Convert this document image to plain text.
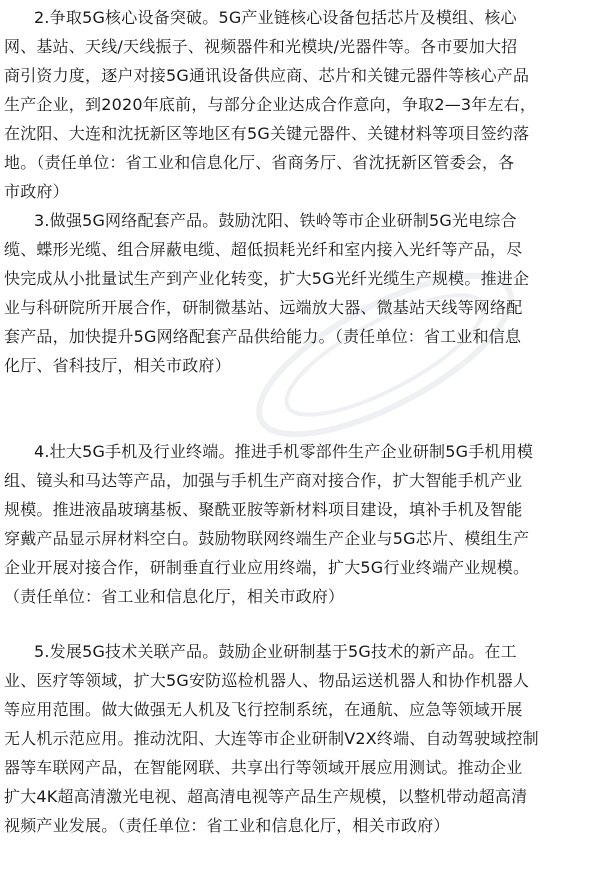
2.争取5G核心设备突破。5G产业链核心设备包括芯片及模组、核心
网、基站、天线/天线振子、视频器件和光模块/光器件等。各市要加大招
商引资力度，逐户对接5G通讯设备供应商、芯片和关键元器件等核心产品
生产企业，到2020年底前，与部分企业达成合作意向，争取2—3年左右，
在沈阳、大连和沈抚新区等地区有5G关键元器件、关键材料等项目签约落
地。（责任单位：省工业和信息化厅、省商务厅、省沈抚新区管委会，各
市政府）
3.做强5G网络配套产品。鼓励沈阳、铁岭等市企业研制5G光电综合
缆、蝶形光缆、组合屏蔽电缆、超低损耗光纤和室内接入光纤等产品，尽
快完成从小批量试生产到产业化转变，扩大5G光纤光缆生产规模。推进企
业与科研院所开展合作，研制微基站、远端放大器、微基站天线等网络配
套产品，加快提升5G网络配套产品供给能力。（责任单位：省工业和信息
化厅、省科技厅，相关市政府）
4.壮大5G手机及行业终端。推进手机零部件生产企业研制5G手机用模
组、镜头和马达等产品，加强与手机生产商对接合作，扩大智能手机产业
规模。推进液晶玻璃基板、聚酰亚胺等新材料项目建设，填补手机及智能
穿戴产品显示屏材料空白。鼓励物联网终端生产企业与5G芯片、模组生产
企业开展对接合作，研制垂直行业应用终端，扩大5G行业终端产业规模。
（责任单位：省工业和信息化厅，相关市政府）
5.发展5G技术关联产品。鼓励企业研制基于5G技术的新产品。在工
业、医疗等领域，扩大5G安防巡检机器人、物品运送机器人和协作机器人
等应用范围。做大做强无人机及飞行控制系统，在通航、应急等领域开展
无人机示范应用。推动沈阳、大连等市企业研制V2X终端、自动驾驶域控制
器等车联网产品，在智能网联、共享出行等领域开展应用测试。推动企业
扩大4K超高清激光电视、超高清电视等产品生产规模，以整机带动超高清
视频产业发展。（责任单位：省工业和信息化厅，相关市政府）
